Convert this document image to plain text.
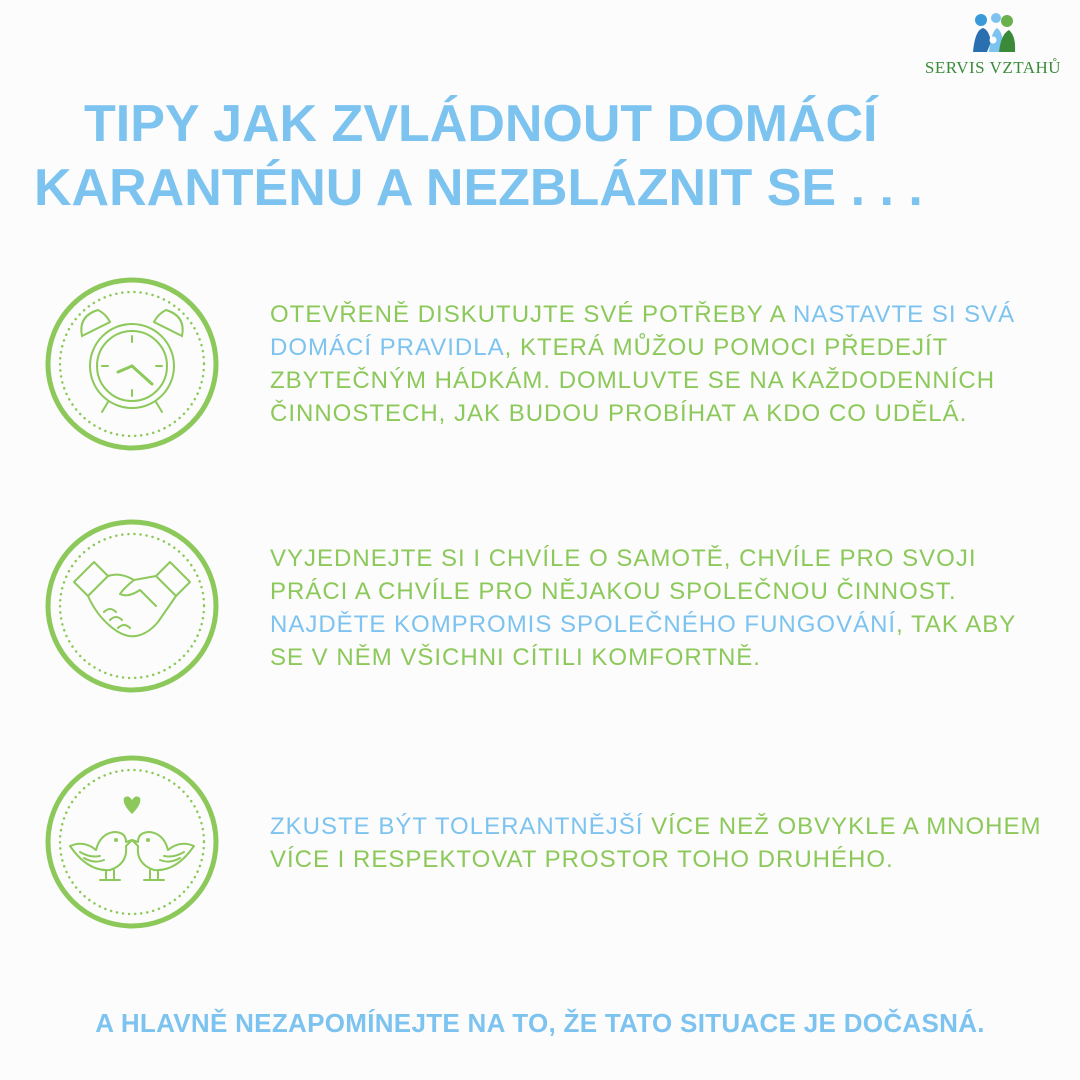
SERVIS VZTAHŮ
TIPY JAK ZVLÁDNOUT DOMÁCÍ
KARANTÉNU A NEZBLÁZNIT SE . . .
OTEVŘENĚ DISKUTUJTE SVÉ POTŘEBY A NASTAVTE SI SVÁ DOMÁCÍ PRAVIDLA, KTERÁ MŮŽOU POMOCI PŘEDEJÍT ZBYTEČNÝM HÁDKÁM. DOMLUVTE SE NA KAŽDODENNÍCH ČINNOSTECH, JAK BUDOU PROBÍHAT A KDO CO UDĚLÁ.
VYJEDNEJTE SI I CHVÍLE O SAMOTĚ, CHVÍLE PRO SVOJI PRÁCI A CHVÍLE PRO NĚJAKOU SPOLEČNOU ČINNOST. NAJDĚTE KOMPROMIS SPOLEČNÉHO FUNGOVÁNÍ, TAK ABY SE V NĚM VŠICHNI CÍTILI KOMFORTNĚ.
ZKUSTE BÝT TOLERANTNĚJŠÍ VÍCE NEŽ OBVYKLE A MNOHEM VÍCE I RESPEKTOVAT PROSTOR TOHO DRUHÉHO.
A HLAVNĚ NEZAPOMÍNEJTE NA TO, ŽE TATO SITUACE JE DOČASNÁ.
